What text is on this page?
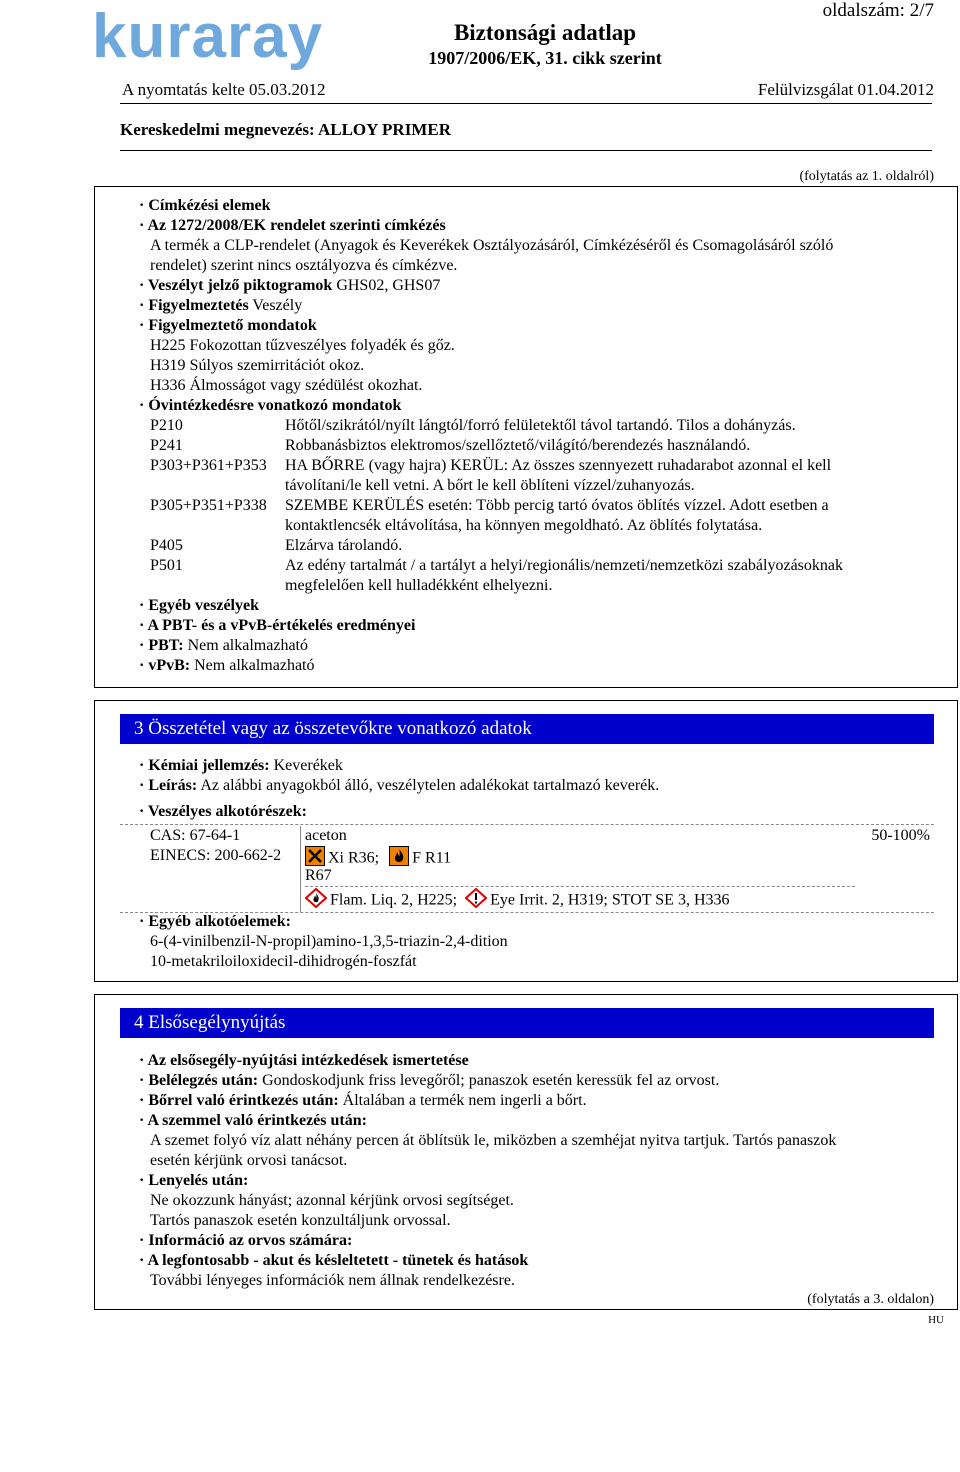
kuraray	oldalszám: 2/7
Biztonsági adatlap
1907/2006/EK, 31. cikk szerint
A nyomtatás kelte 05.03.2012	Felülvizsgálat 01.04.2012
Kereskedelmi megnevezés: ALLOY PRIMER
(folytatás az 1. oldalról)
· Címkézési elemek
· Az 1272/2008/EK rendelet szerinti címkézés
A termék a CLP-rendelet (Anyagok és Keverékek Osztályozásáról, Címkézéséről és Csomagolásáról szóló
rendelet) szerint nincs osztályozva és címkézve.
· Veszélyt jelző piktogramok GHS02, GHS07
· Figyelmeztetés Veszély
· Figyelmeztető mondatok
H225 Fokozottan tűzveszélyes folyadék és gőz.
H319 Súlyos szemirritációt okoz.
H336 Álmosságot vagy szédülést okozhat.
· Óvintézkedésre vonatkozó mondatok
P210	Hőtől/szikrától/nyílt lángtól/forró felületektől távol tartandó. Tilos a dohányzás.
P241	Robbanásbiztos elektromos/szellőztető/világító/berendezés használandó.
P303+P361+P353 HA BŐRRE (vagy hajra) KERÜL: Az összes szennyezett ruhadarabot azonnal el kell
távolítani/le kell vetni. A bőrt le kell öblíteni vízzel/zuhanyozás.
P305+P351+P338 SZEMBE KERÜLÉS esetén: Több percig tartó óvatos öblítés vízzel. Adott esetben a
kontaktlencsék eltávolítása, ha könnyen megoldható. Az öblítés folytatása.
P405	Elzárva tárolandó.
P501	Az edény tartalmát / a tartályt a helyi/regionális/nemzeti/nemzetközi szabályozásoknak
megfelelően kell hulladékként elhelyezni.
· Egyéb veszélyek
· A PBT- és a vPvB-értékelés eredményei
· PBT: Nem alkalmazható
· vPvB: Nem alkalmazható
3 Összetétel vagy az összetevőkre vonatkozó adatok
· Kémiai jellemzés: Keverékek
· Leírás: Az alábbi anyagokból álló, veszélytelen adalékokat tartalmazó keverék.
· Veszélyes alkotórészek:
CAS: 67-64-1
EINECS: 200-662-2
aceton	50-100%
Xi R36; F R11
R67
Flam. Liq. 2, H225; Eye Irrit. 2, H319; STOT SE 3, H336
· Egyéb alkotóelemek:
6-(4-vinilbenzil-N-propil)amino-1,3,5-triazin-2,4-dition
10-metakriloiloxidecil-dihidrogén-foszfát
4 Elsősegélynyújtás
· Az elsősegély-nyújtási intézkedések ismertetése
· Belélegzés után: Gondoskodjunk friss levegőről; panaszok esetén keressük fel az orvost.
· Bőrrel való érintkezés után: Általában a termék nem ingerli a bőrt.
· A szemmel való érintkezés után:
A szemet folyó víz alatt néhány percen át öblítsük le, miközben a szemhéjat nyitva tartjuk. Tartós panaszok
esetén kérjünk orvosi tanácsot.
· Lenyelés után:
Ne okozzunk hányást; azonnal kérjünk orvosi segítséget.
Tartós panaszok esetén konzultáljunk orvossal.
· Információ az orvos számára:
· A legfontosabb - akut és késleltetett - tünetek és hatások
További lényeges információk nem állnak rendelkezésre.
(folytatás a 3. oldalon)
HU
